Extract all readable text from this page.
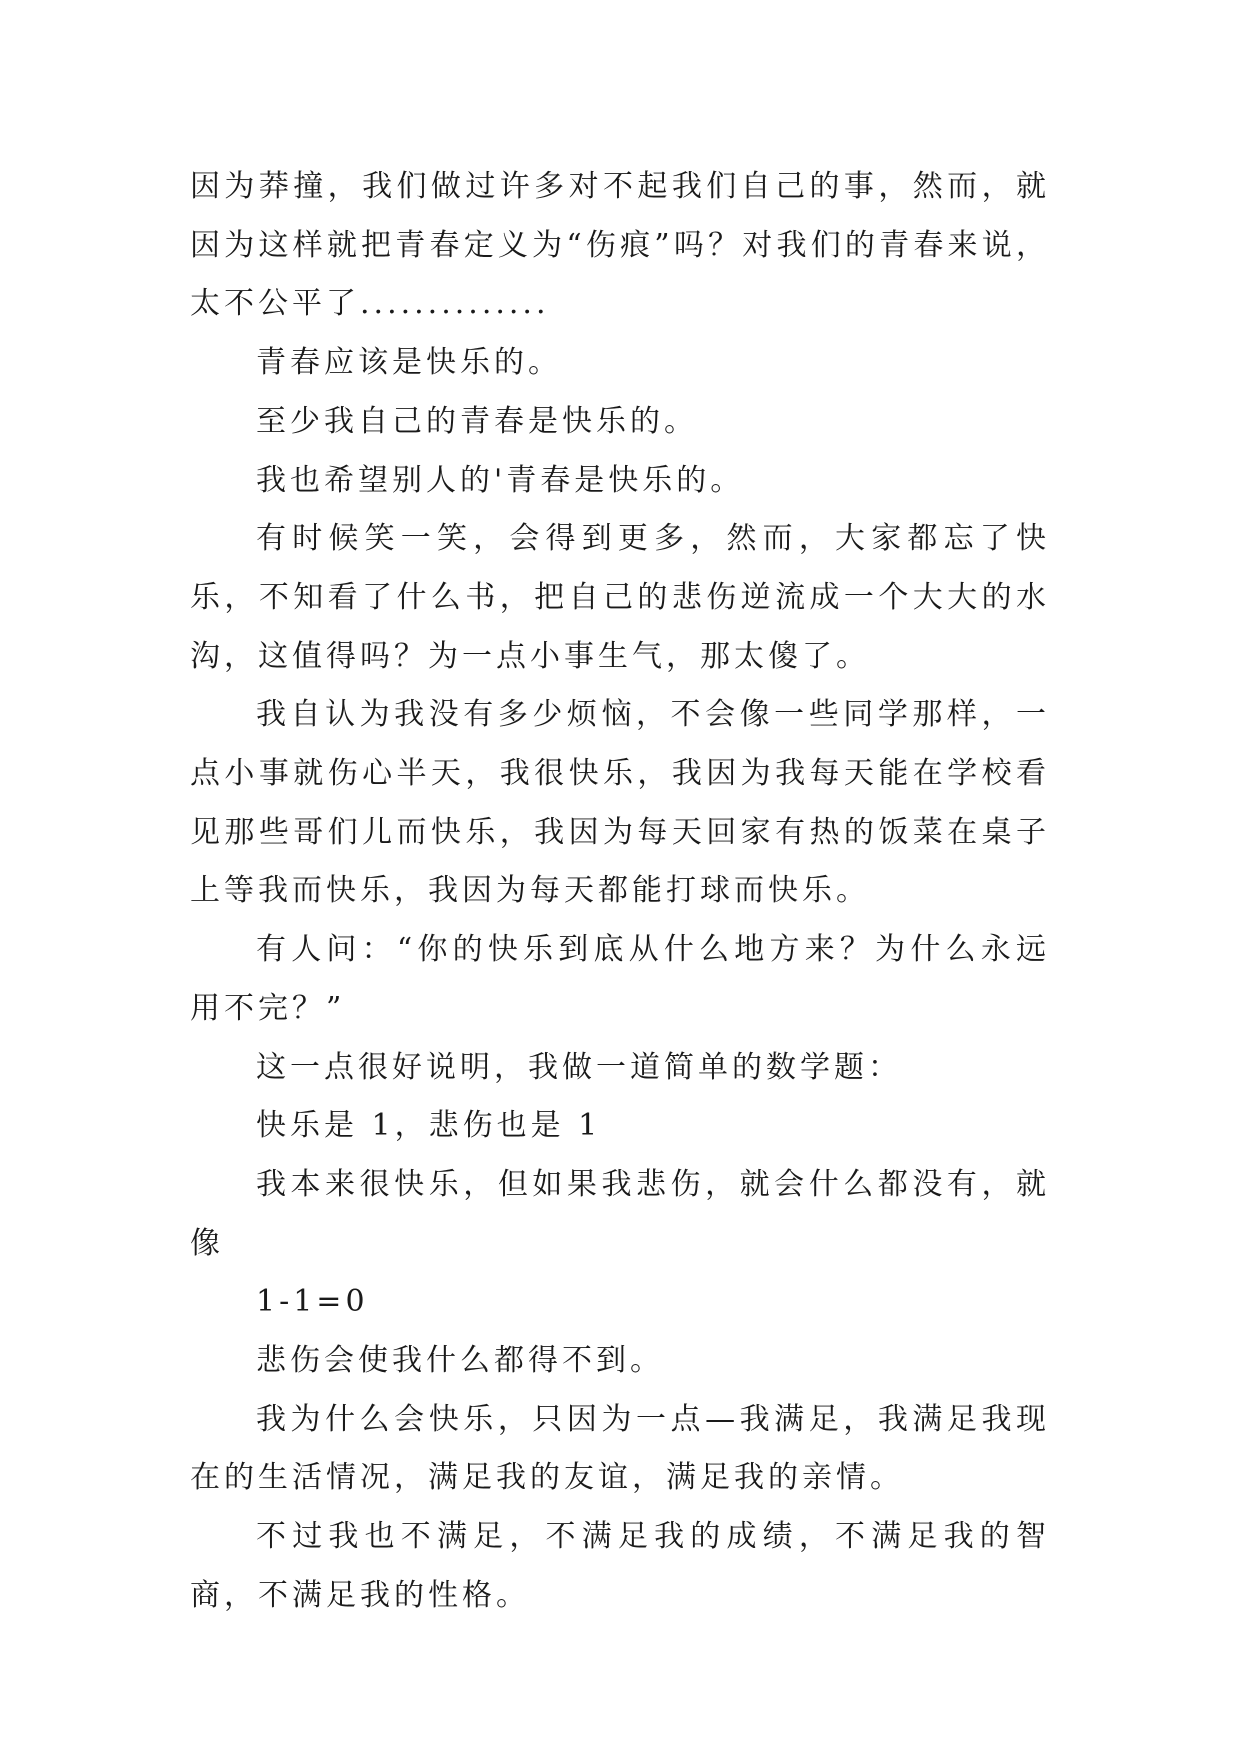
因为莽撞，我们做过许多对不起我们自己的事，然而，就因为这样就把青春定义为“伤痕”吗？对我们的青春来说，太不公平了..............

青春应该是快乐的。

至少我自己的青春是快乐的。

我也希望别人的'青春是快乐的。

有时候笑一笑，会得到更多，然而，大家都忘了快乐，不知看了什么书，把自己的悲伤逆流成一个大大的水沟，这值得吗？为一点小事生气，那太傻了。

我自认为我没有多少烦恼，不会像一些同学那样，一点小事就伤心半天，我很快乐，我因为我每天能在学校看见那些哥们儿而快乐，我因为每天回家有热的饭菜在桌子上等我而快乐，我因为每天都能打球而快乐。

有人问：“你的快乐到底从什么地方来？为什么永远用不完？”

这一点很好说明，我做一道简单的数学题：

快乐是 1，悲伤也是 1

我本来很快乐，但如果我悲伤，就会什么都没有，就像

1-1=0

悲伤会使我什么都得不到。

我为什么会快乐，只因为一点—我满足，我满足我现在的生活情况，满足我的友谊，满足我的亲情。

不过我也不满足，不满足我的成绩，不满足我的智商，不满足我的性格。
